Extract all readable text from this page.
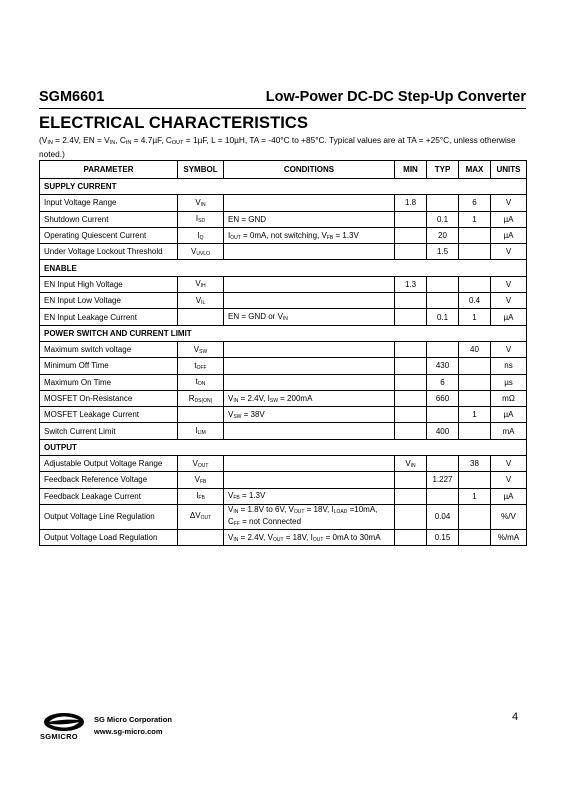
SGM6601	Low-Power DC-DC Step-Up Converter
ELECTRICAL CHARACTERISTICS
($V_{IN} = 2.4V$, EN = $V_{IN}$, $C_{IN} = 4.7\mu F$, $C_{OUT} = 1\mu F$, L = 10µH, TA = -40°C to +85°C. Typical values are at TA = +25°C, unless otherwise noted.)
PARAMETER	SYMBOL	CONDITIONS	MIN	TYP	MAX	UNITS
SUPPLY CURRENT						
Input Voltage Range	$V_{IN}$		1.8		6	V
Shutdown Current	$I_{SD}$	EN = GND		0.1	1	µA
Operating Quiescent Current	$I_Q$	$I_{OUT} = 0mA$, not switching, $V_{FB} = 1.3V$		20		µA
Under Voltage Lockout Threshold	$V_{UVLO}$			1.5		V
ENABLE						
EN Input High Voltage	$V_{IH}$		1.3			V
EN Input Low Voltage	$V_{IL}$				0.4	V
EN Input Leakage Current		EN = GND or $V_{IN}$		0.1	1	µA
POWER SWITCH AND CURRENT LIMIT						
Maximum switch voltage	$V_{SW}$				40	V
Minimum Off Time	$t_{OFF}$			430		ns
Maximum On Time	$t_{ON}$			6		µs
MOSFET On-Resistance	$R_{DS(ON)}$	$V_{IN} = 2.4V$, $I_{SW} = 200mA$		660		mΩ
MOSFET Leakage Current		$V_{SW} = 38V$			1	µA
Switch Current Limit	$I_{LIM}$			400		mA
OUTPUT						
Adjustable Output Voltage Range	$V_{OUT}$		$V_{IN}$		38	V
Feedback Reference Voltage	$V_{FB}$			1.227		V
Feedback Leakage Current	$I_{FB}$	$V_{FB} = 1.3V$			1	µA
Output Voltage Line Regulation	$\Delta V_{OUT}$	$V_{IN} = 1.8V$ to 6V, $V_{OUT} = 18V$, $I_{LOAD} =10mA$, $C_{FF}$ = not Connected		0.04		%/V
Output Voltage Load Regulation		$V_{IN} = 2.4V$, $V_{OUT} = 18V$, $I_{OUT} = 0mA$ to 30mA		0.15		%/mA
SGMICRO
SG Micro Corporation
www.sg-micro.com
4
